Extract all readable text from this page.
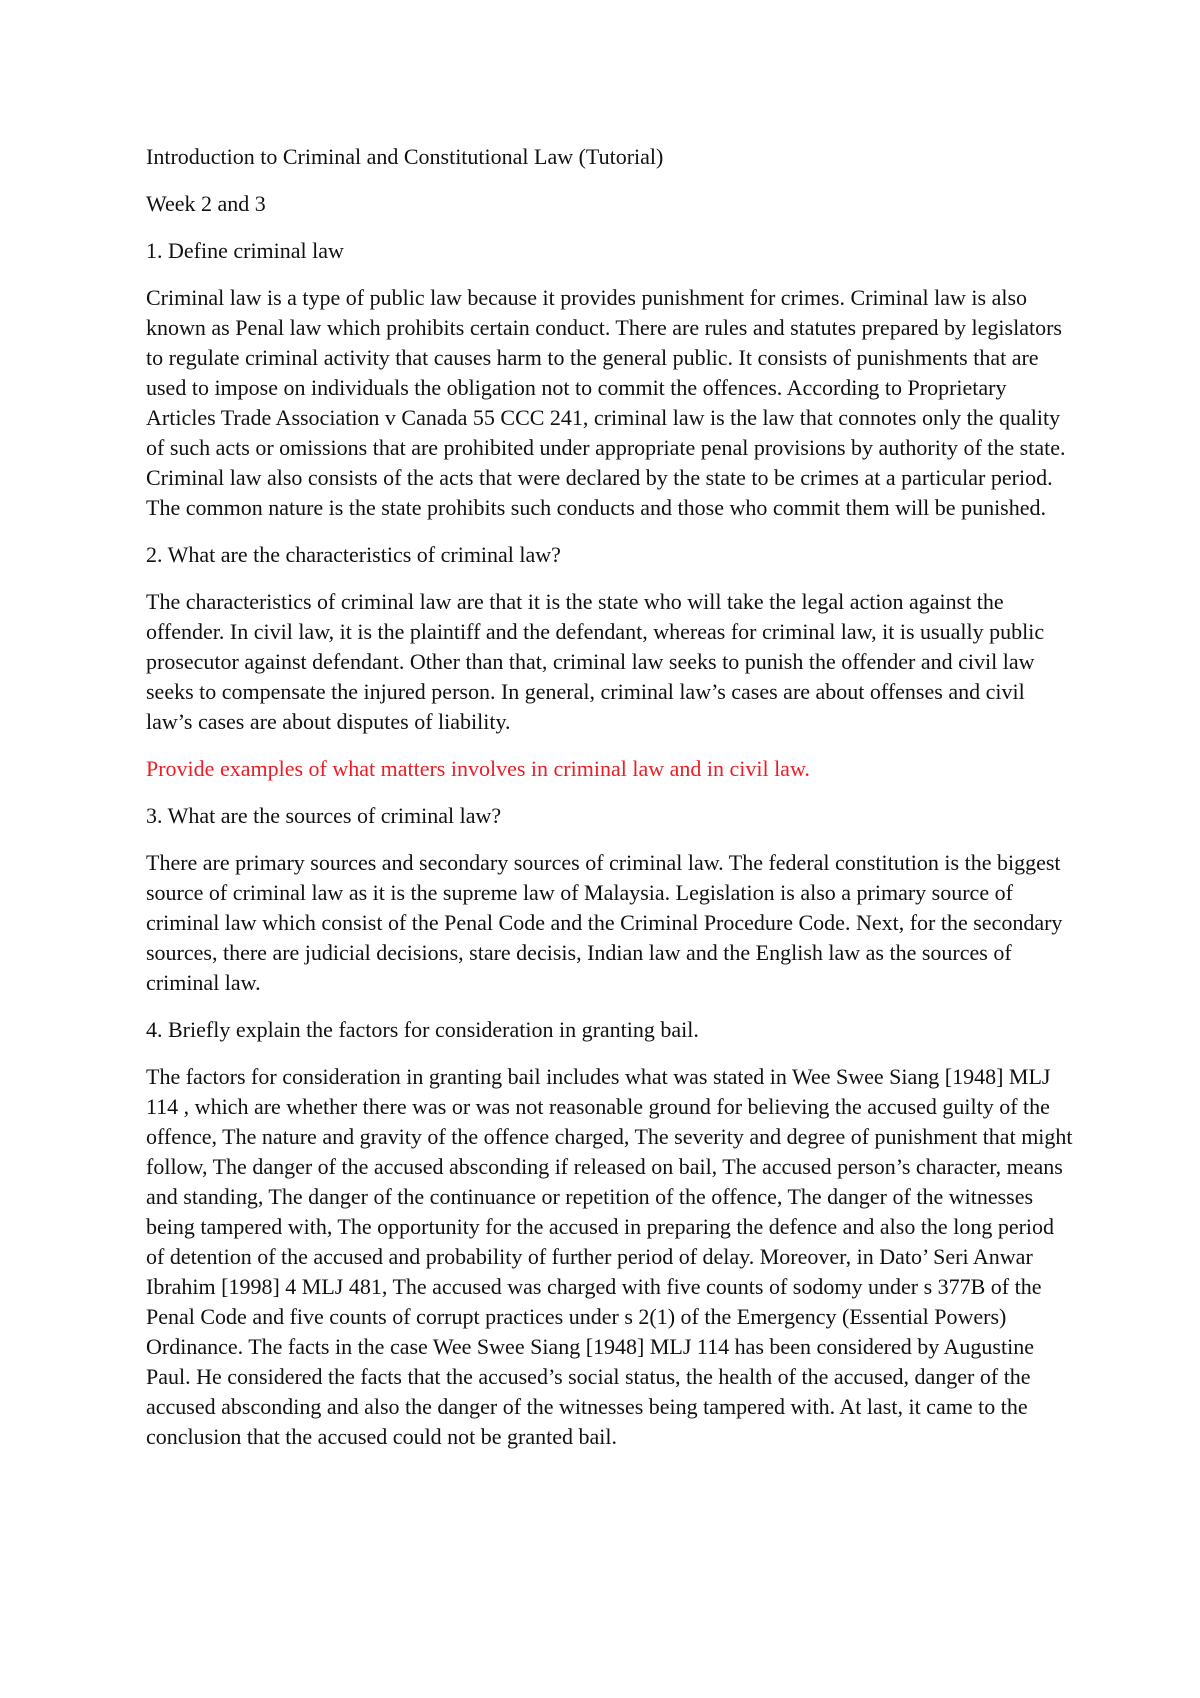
Introduction to Criminal and Constitutional Law (Tutorial)

Week 2 and 3

1. Define criminal law

Criminal law is a type of public law because it provides punishment for crimes. Criminal law is also known as Penal law which prohibits certain conduct. There are rules and statutes prepared by legislators to regulate criminal activity that causes harm to the general public. It consists of punishments that are used to impose on individuals the obligation not to commit the offences. According to Proprietary Articles Trade Association v Canada 55 CCC 241, criminal law is the law that connotes only the quality of such acts or omissions that are prohibited under appropriate penal provisions by authority of the state. Criminal law also consists of the acts that were declared by the state to be crimes at a particular period. The common nature is the state prohibits such conducts and those who commit them will be punished.

2. What are the characteristics of criminal law?

The characteristics of criminal law are that it is the state who will take the legal action against the offender. In civil law, it is the plaintiff and the defendant, whereas for criminal law, it is usually public prosecutor against defendant. Other than that, criminal law seeks to punish the offender and civil law seeks to compensate the injured person. In general, criminal law’s cases are about offenses and civil law’s cases are about disputes of liability.

Provide examples of what matters involves in criminal law and in civil law.

3. What are the sources of criminal law?

There are primary sources and secondary sources of criminal law. The federal constitution is the biggest source of criminal law as it is the supreme law of Malaysia. Legislation is also a primary source of criminal law which consist of the Penal Code and the Criminal Procedure Code. Next, for the secondary sources, there are judicial decisions, stare decisis, Indian law and the English law as the sources of criminal law.

4. Briefly explain the factors for consideration in granting bail.

The factors for consideration in granting bail includes what was stated in Wee Swee Siang [1948] MLJ 114 , which are whether there was or was not reasonable ground for believing the accused guilty of the offence, The nature and gravity of the offence charged, The severity and degree of punishment that might follow, The danger of the accused absconding if released on bail, The accused person’s character, means and standing, The danger of the continuance or repetition of the offence, The danger of the witnesses being tampered with, The opportunity for the accused in preparing the defence and also the long period of detention of the accused and probability of further period of delay. Moreover, in Dato’ Seri Anwar Ibrahim [1998] 4 MLJ 481, The accused was charged with five counts of sodomy under s 377B of the Penal Code and five counts of corrupt practices under s 2(1) of the Emergency (Essential Powers) Ordinance. The facts in the case Wee Swee Siang [1948] MLJ 114 has been considered by Augustine Paul. He considered the facts that the accused’s social status, the health of the accused, danger of the accused absconding and also the danger of the witnesses being tampered with. At last, it came to the conclusion that the accused could not be granted bail.
